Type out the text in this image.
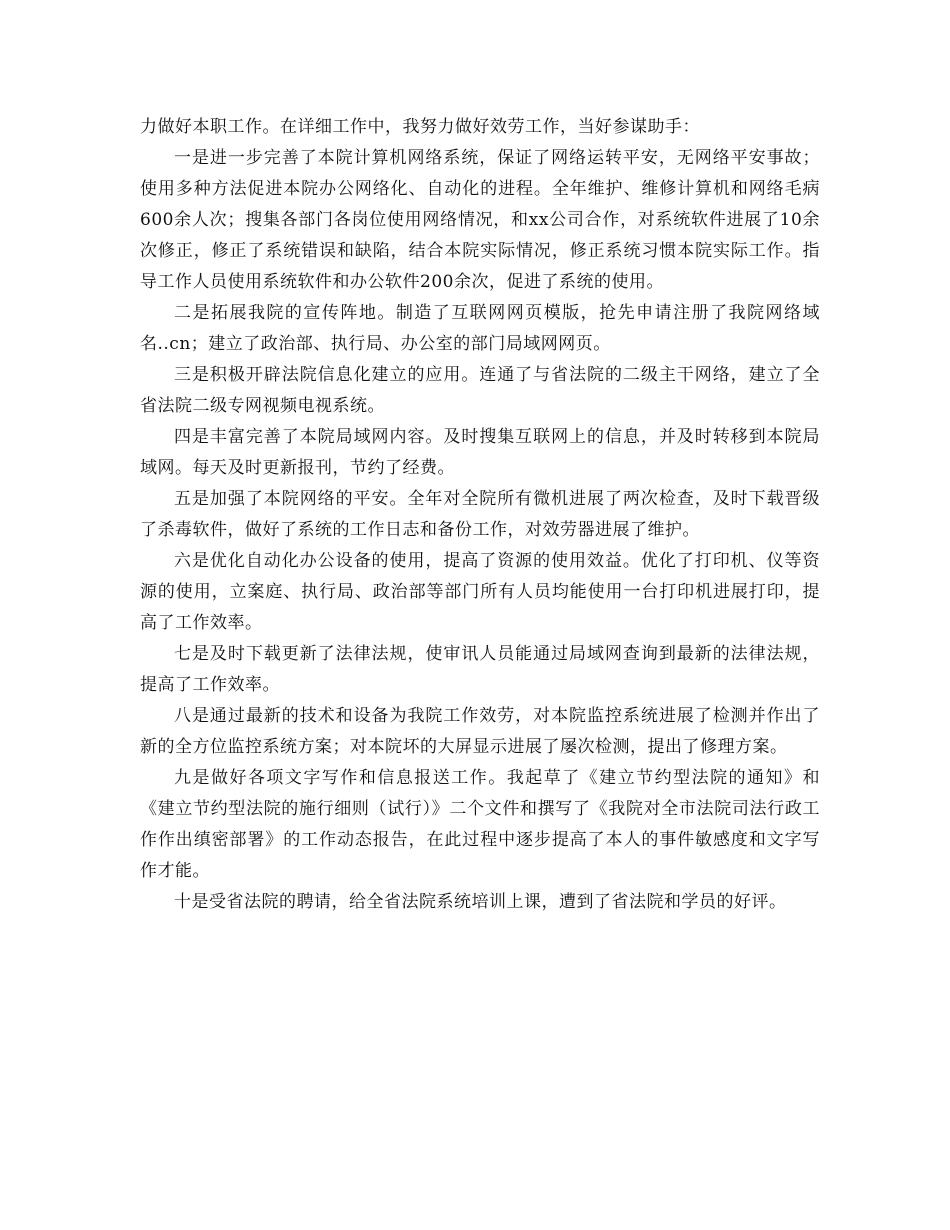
力做好本职工作。在详细工作中，我努力做好效劳工作，当好参谋助手：

一是进一步完善了本院计算机网络系统，保证了网络运转平安，无网络平安事故；使用多种方法促进本院办公网络化、自动化的进程。全年维护、维修计算机和网络毛病600余人次；搜集各部门各岗位使用网络情况，和xx公司合作，对系统软件进展了10余次修正，修正了系统错误和缺陷，结合本院实际情况，修正系统习惯本院实际工作。指导工作人员使用系统软件和办公软件200余次，促进了系统的使用。

二是拓展我院的宣传阵地。制造了互联网网页模版，抢先申请注册了我院网络域名..cn；建立了政治部、执行局、办公室的部门局域网网页。

三是积极开辟法院信息化建立的应用。连通了与省法院的二级主干网络，建立了全省法院二级专网视频电视系统。

四是丰富完善了本院局域网内容。及时搜集互联网上的信息，并及时转移到本院局域网。每天及时更新报刊，节约了经费。

五是加强了本院网络的平安。全年对全院所有微机进展了两次检查，及时下载晋级了杀毒软件，做好了系统的工作日志和备份工作，对效劳器进展了维护。

六是优化自动化办公设备的使用，提高了资源的使用效益。优化了打印机、仪等资源的使用，立案庭、执行局、政治部等部门所有人员均能使用一台打印机进展打印，提高了工作效率。

七是及时下载更新了法律法规，使审讯人员能通过局域网查询到最新的法律法规，提高了工作效率。

八是通过最新的技术和设备为我院工作效劳，对本院监控系统进展了检测并作出了新的全方位监控系统方案；对本院坏的大屏显示进展了屡次检测，提出了修理方案。

九是做好各项文字写作和信息报送工作。我起草了《建立节约型法院的通知》和《建立节约型法院的施行细则（试行）》二个文件和撰写了《我院对全市法院司法行政工作作出缜密部署》的工作动态报告，在此过程中逐步提高了本人的事件敏感度和文字写作才能。

十是受省法院的聘请，给全省法院系统培训上课，遭到了省法院和学员的好评。
